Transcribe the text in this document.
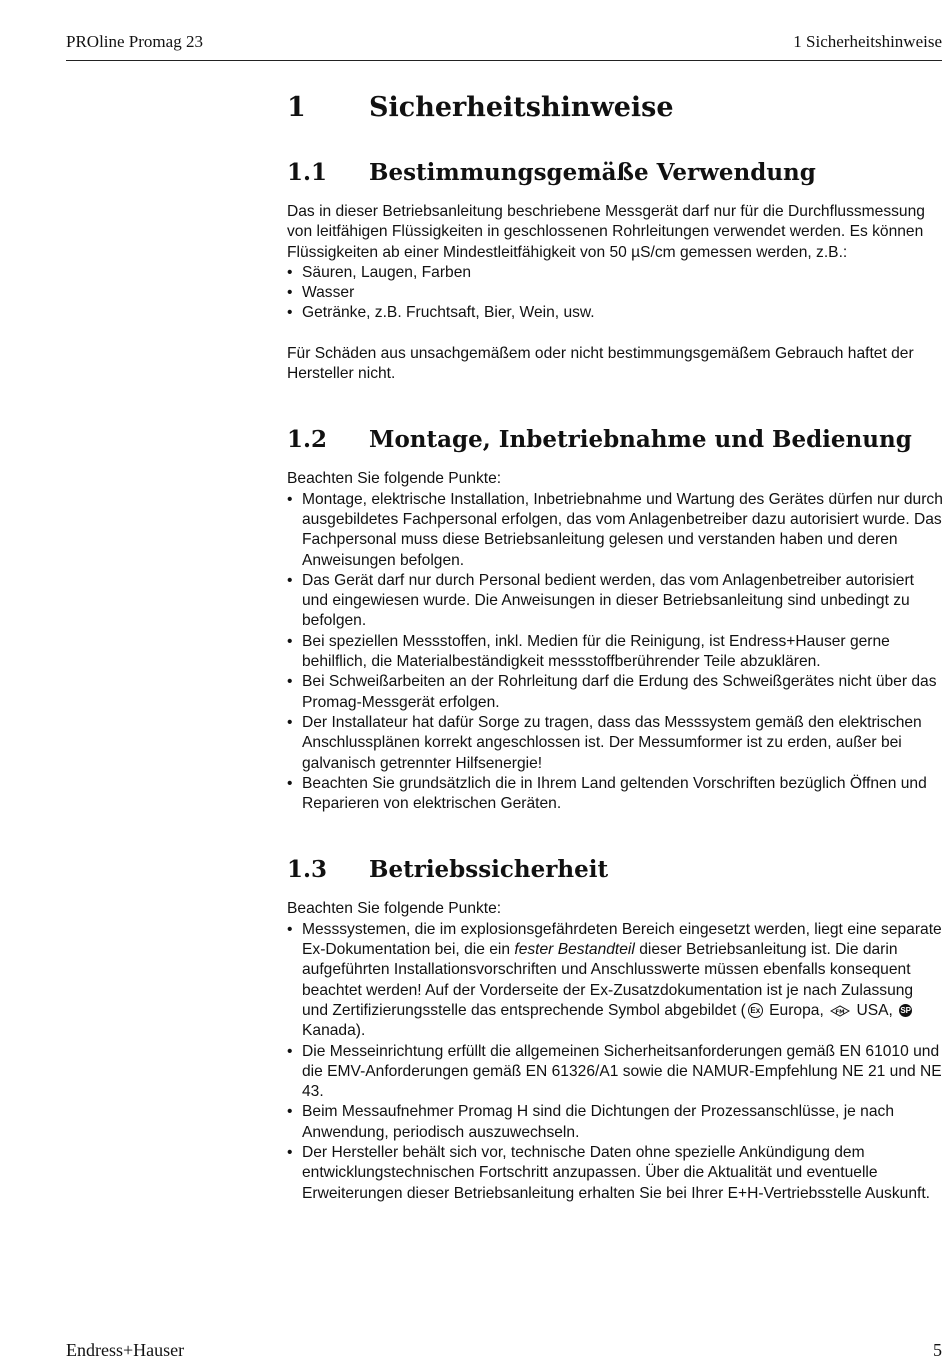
PROline Promag 23	1 Sicherheitshinweise
1	Sicherheitshinweise
1.1	Bestimmungsgemäße Verwendung

Das in dieser Betriebsanleitung beschriebene Messgerät darf nur für die Durchflussmessung von leitfähigen Flüssigkeiten in geschlossenen Rohrleitungen verwendet werden. Es können Flüssigkeiten ab einer Mindestleitfähigkeit von 50 µS/cm gemessen werden, z.B.:

• Säuren, Laugen, Farben
• Wasser
• Getränke, z.B. Fruchtsaft, Bier, Wein, usw.

Für Schäden aus unsachgemäßem oder nicht bestimmungsgemäßem Gebrauch haftet der Hersteller nicht.

1.2	Montage, Inbetriebnahme und Bedienung

Beachten Sie folgende Punkte:

• Montage, elektrische Installation, Inbetriebnahme und Wartung des Gerätes dürfen nur durch ausgebildetes Fachpersonal erfolgen, das vom Anlagenbetreiber dazu autorisiert wurde. Das Fachpersonal muss diese Betriebsanleitung gelesen und verstanden haben und deren Anweisungen befolgen.
• Das Gerät darf nur durch Personal bedient werden, das vom Anlagenbetreiber autorisiert und eingewiesen wurde. Die Anweisungen in dieser Betriebsanleitung sind unbedingt zu befolgen.
• Bei speziellen Messstoffen, inkl. Medien für die Reinigung, ist Endress+Hauser gerne behilflich, die Materialbeständigkeit messstoffberührender Teile abzuklären.
• Bei Schweißarbeiten an der Rohrleitung darf die Erdung des Schweißgerätes nicht über das Promag-Messgerät erfolgen.
• Der Installateur hat dafür Sorge zu tragen, dass das Messsystem gemäß den elektrischen Anschlussplänen korrekt angeschlossen ist. Der Messumformer ist zu erden, außer bei galvanisch getrennter Hilfsenergie!
• Beachten Sie grundsätzlich die in Ihrem Land geltenden Vorschriften bezüglich Öffnen und Reparieren von elektrischen Geräten.
1.3	Betriebssicherheit

Beachten Sie folgende Punkte:

• Messsystemen, die im explosionsgefährdeten Bereich eingesetzt werden, liegt eine separate Ex-Dokumentation bei, die ein fester Bestandteil dieser Betriebsanleitung ist. Die darin aufgeführten Installationsvorschriften und Anschlusswerte müssen ebenfalls konsequent beachtet werden! Auf der Vorderseite der Ex-Zusatzdokumentation ist je nach Zulassung und Zertifizierungsstelle das entsprechende Symbol abgebildet ( Ex Europa, FM USA, SP Kanada).
• Die Messeinrichtung erfüllt die allgemeinen Sicherheitsanforderungen gemäß EN 61010 und die EMV-Anforderungen gemäß EN 61326/A1 sowie die NAMUR-Empfehlung NE 21 und NE 43.
• Beim Messaufnehmer Promag H sind die Dichtungen der Prozessanschlüsse, je nach Anwendung, periodisch auszuwechseln.
• Der Hersteller behält sich vor, technische Daten ohne spezielle Ankündigung dem entwicklungstechnischen Fortschritt anzupassen. Über die Aktualität und eventuelle Erweiterungen dieser Betriebsanleitung erhalten Sie bei Ihrer E+H-Vertriebsstelle Auskunft.
Endress+Hauser	5
